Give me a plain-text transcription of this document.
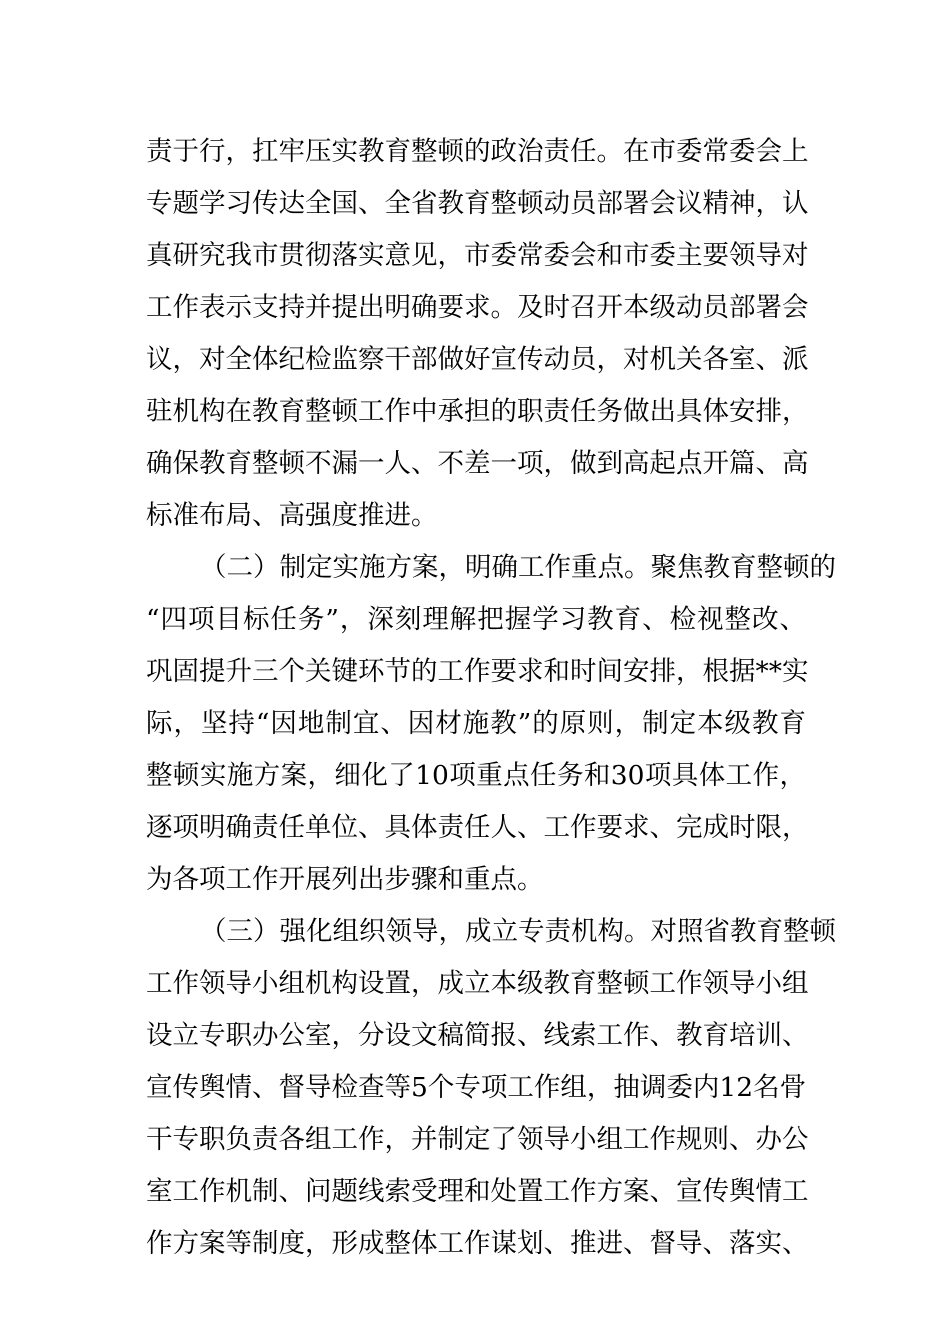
责于行，扛牢压实教育整顿的政治责任。在市委常委会上
专题学习传达全国、全省教育整顿动员部署会议精神，认
真研究我市贯彻落实意见，市委常委会和市委主要领导对
工作表示支持并提出明确要求。及时召开本级动员部署会
议，对全体纪检监察干部做好宣传动员，对机关各室、派
驻机构在教育整顿工作中承担的职责任务做出具体安排，
确保教育整顿不漏一人、不差一项，做到高起点开篇、高
标准布局、高强度推进。
（二）制定实施方案，明确工作重点。聚焦教育整顿的
“四项目标任务”，深刻理解把握学习教育、检视整改、
巩固提升三个关键环节的工作要求和时间安排，根据**实
际，坚持“因地制宜、因材施教”的原则，制定本级教育
整顿实施方案，细化了10项重点任务和30项具体工作，
逐项明确责任单位、具体责任人、工作要求、完成时限，
为各项工作开展列出步骤和重点。
（三）强化组织领导，成立专责机构。对照省教育整顿
工作领导小组机构设置，成立本级教育整顿工作领导小组
设立专职办公室，分设文稿简报、线索工作、教育培训、
宣传舆情、督导检查等5个专项工作组，抽调委内12名骨
干专职负责各组工作，并制定了领导小组工作规则、办公
室工作机制、问题线索受理和处置工作方案、宣传舆情工
作方案等制度，形成整体工作谋划、推进、督导、落实、
